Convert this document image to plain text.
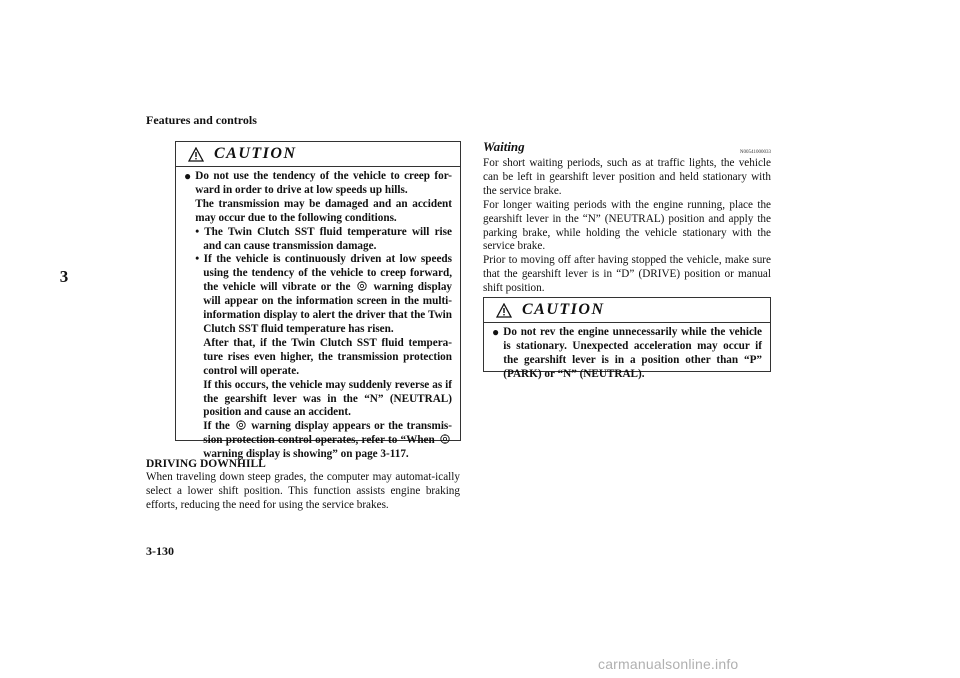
Features and controls
3
CAUTION
● Do not use the tendency of the vehicle to creep for-ward in order to drive at low speeds up hills.
The transmission may be damaged and an accident may occur due to the following conditions.
• The Twin Clutch SST fluid temperature will rise and can cause transmission damage.
• If the vehicle is continuously driven at low speeds using the tendency of the vehicle to creep forward, the vehicle will vibrate or the warning display will appear on the information screen in the multi-information display to alert the driver that the Twin Clutch SST fluid temperature has risen.
After that, if the Twin Clutch SST fluid tempera-ture rises even higher, the transmission protection control will operate.
If this occurs, the vehicle may suddenly reverse as if the gearshift lever was in the “N” (NEUTRAL) position and cause an accident.
If the warning display appears or the transmis-sion protection control operates, refer to “When  warning display is showing” on page 3-117.
DRIVING DOWNHILL
When traveling down steep grades, the computer may automat-ically select a lower shift position. This function assists engine braking efforts, reducing the need for using the service brakes.
Waiting	N00541000033
For short waiting periods, such as at traffic lights, the vehicle can be left in gearshift lever position and held stationary with the service brake.
For longer waiting periods with the engine running, place the gearshift lever in the “N” (NEUTRAL) position and apply the parking brake, while holding the vehicle stationary with the service brake.
Prior to moving off after having stopped the vehicle, make sure that the gearshift lever is in “D” (DRIVE) position or manual shift position.
CAUTION
● Do not rev the engine unnecessarily while the vehicle is stationary. Unexpected acceleration may occur if the gearshift lever is in a position other than “P” (PARK) or “N” (NEUTRAL).
3-130
carmanualsonline.info
